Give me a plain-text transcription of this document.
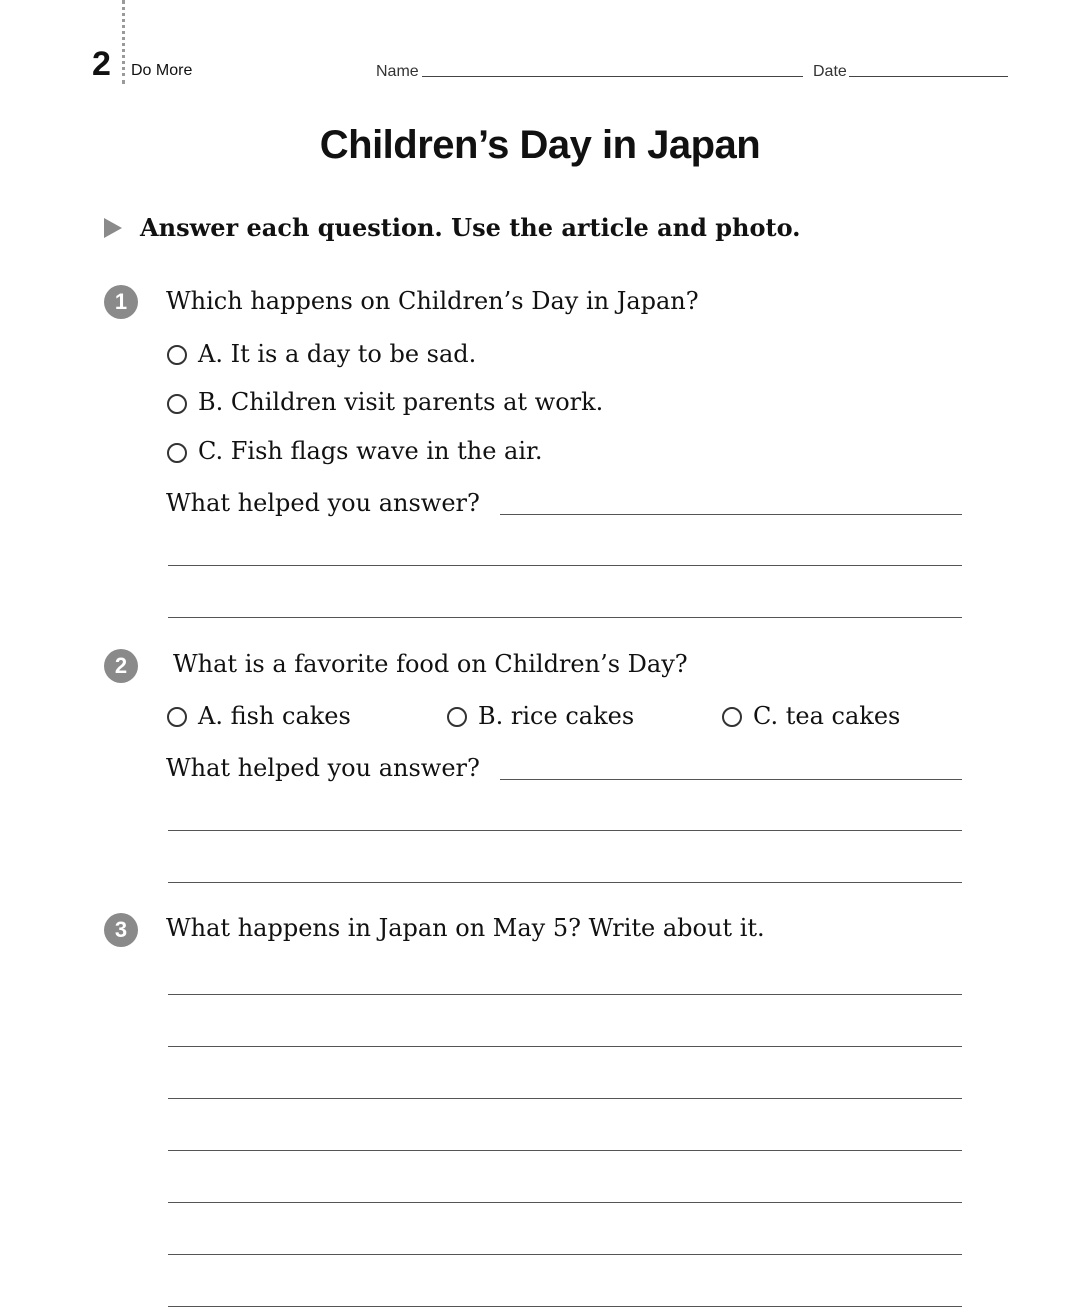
2 Do More	Name	Date
Children’s Day in Japan
Answer each question. Use the article and photo.
1	Which happens on Children’s Day in Japan?
A. It is a day to be sad.
B. Children visit parents at work.
C. Fish flags wave in the air.
What helped you answer?
2	What is a favorite food on Children’s Day?
A. fish cakes	B. rice cakes	C. tea cakes
What helped you answer?
3	What happens in Japan on May 5? Write about it.
